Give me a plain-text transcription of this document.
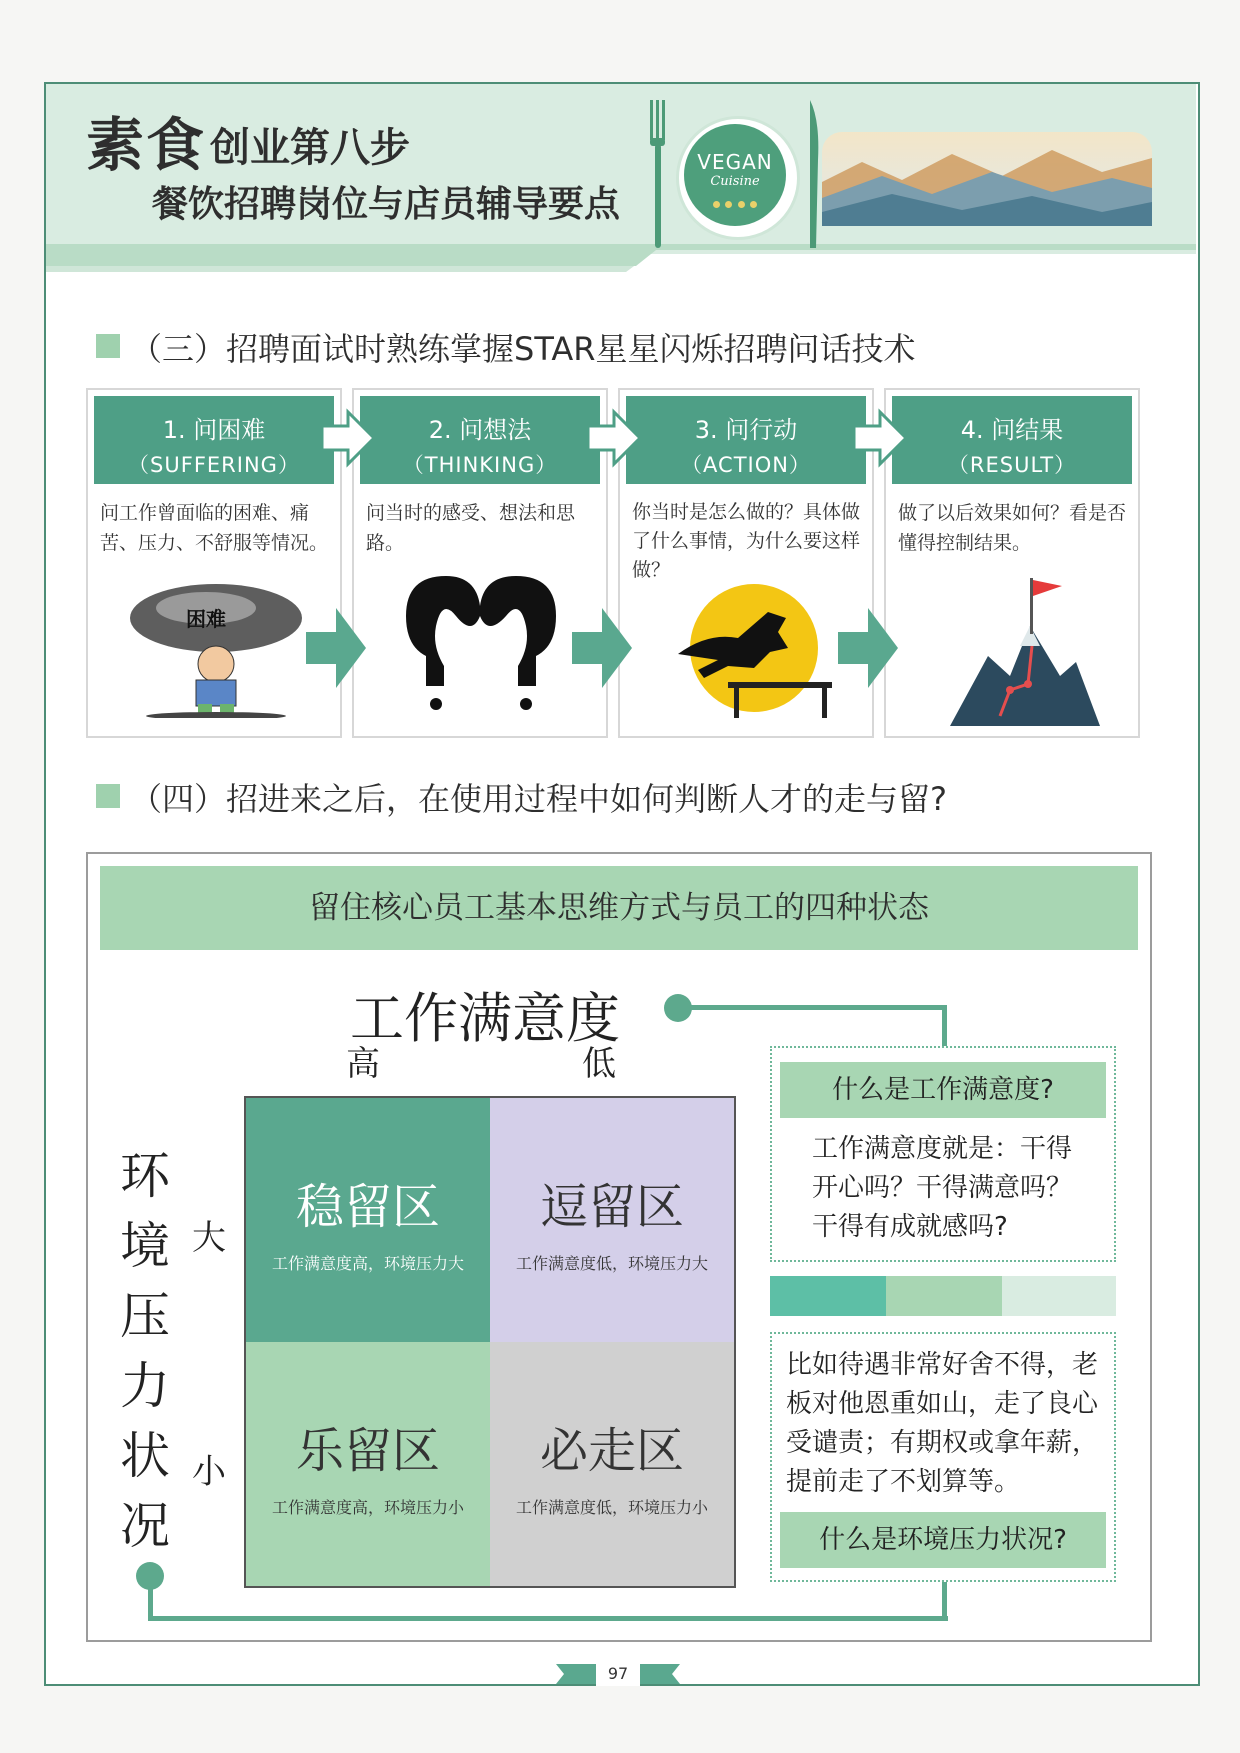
素食 创业第八步
餐饮招聘岗位与店员辅导要点
VEGAN
Cuisine

（三）招聘面试时熟练掌握STAR星星闪烁招聘问话技术
1. 问困难
（SUFFERING）
问工作曾面临的困难、痛苦、压力、不舒服等情况。
困难
2. 问想法
（THINKING）
问当时的感受、想法和思路。
3. 问行动
（ACTION）
你当时是怎么做的？具体做了什么事情，为什么要这样做？
4. 问结果
（RESULT）
做了以后效果如何？看是否懂得控制结果。
（四）招进来之后，在使用过程中如何判断人才的走与留?
留住核心员工基本思维方式与员工的四种状态
工作满意度
高	低
环
境
压
力
状
况
大
小
稳留区
工作满意度高，环境压力大
逗留区
工作满意度低，环境压力大
乐留区
工作满意度高，环境压力小
必走区
工作满意度低，环境压力小
什么是工作满意度?
工作满意度就是：干得开心吗？干得满意吗？干得有成就感吗?
比如待遇非常好舍不得，老板对他恩重如山，走了良心受谴责；有期权或拿年薪，提前走了不划算等。
什么是环境压力状况?
97
